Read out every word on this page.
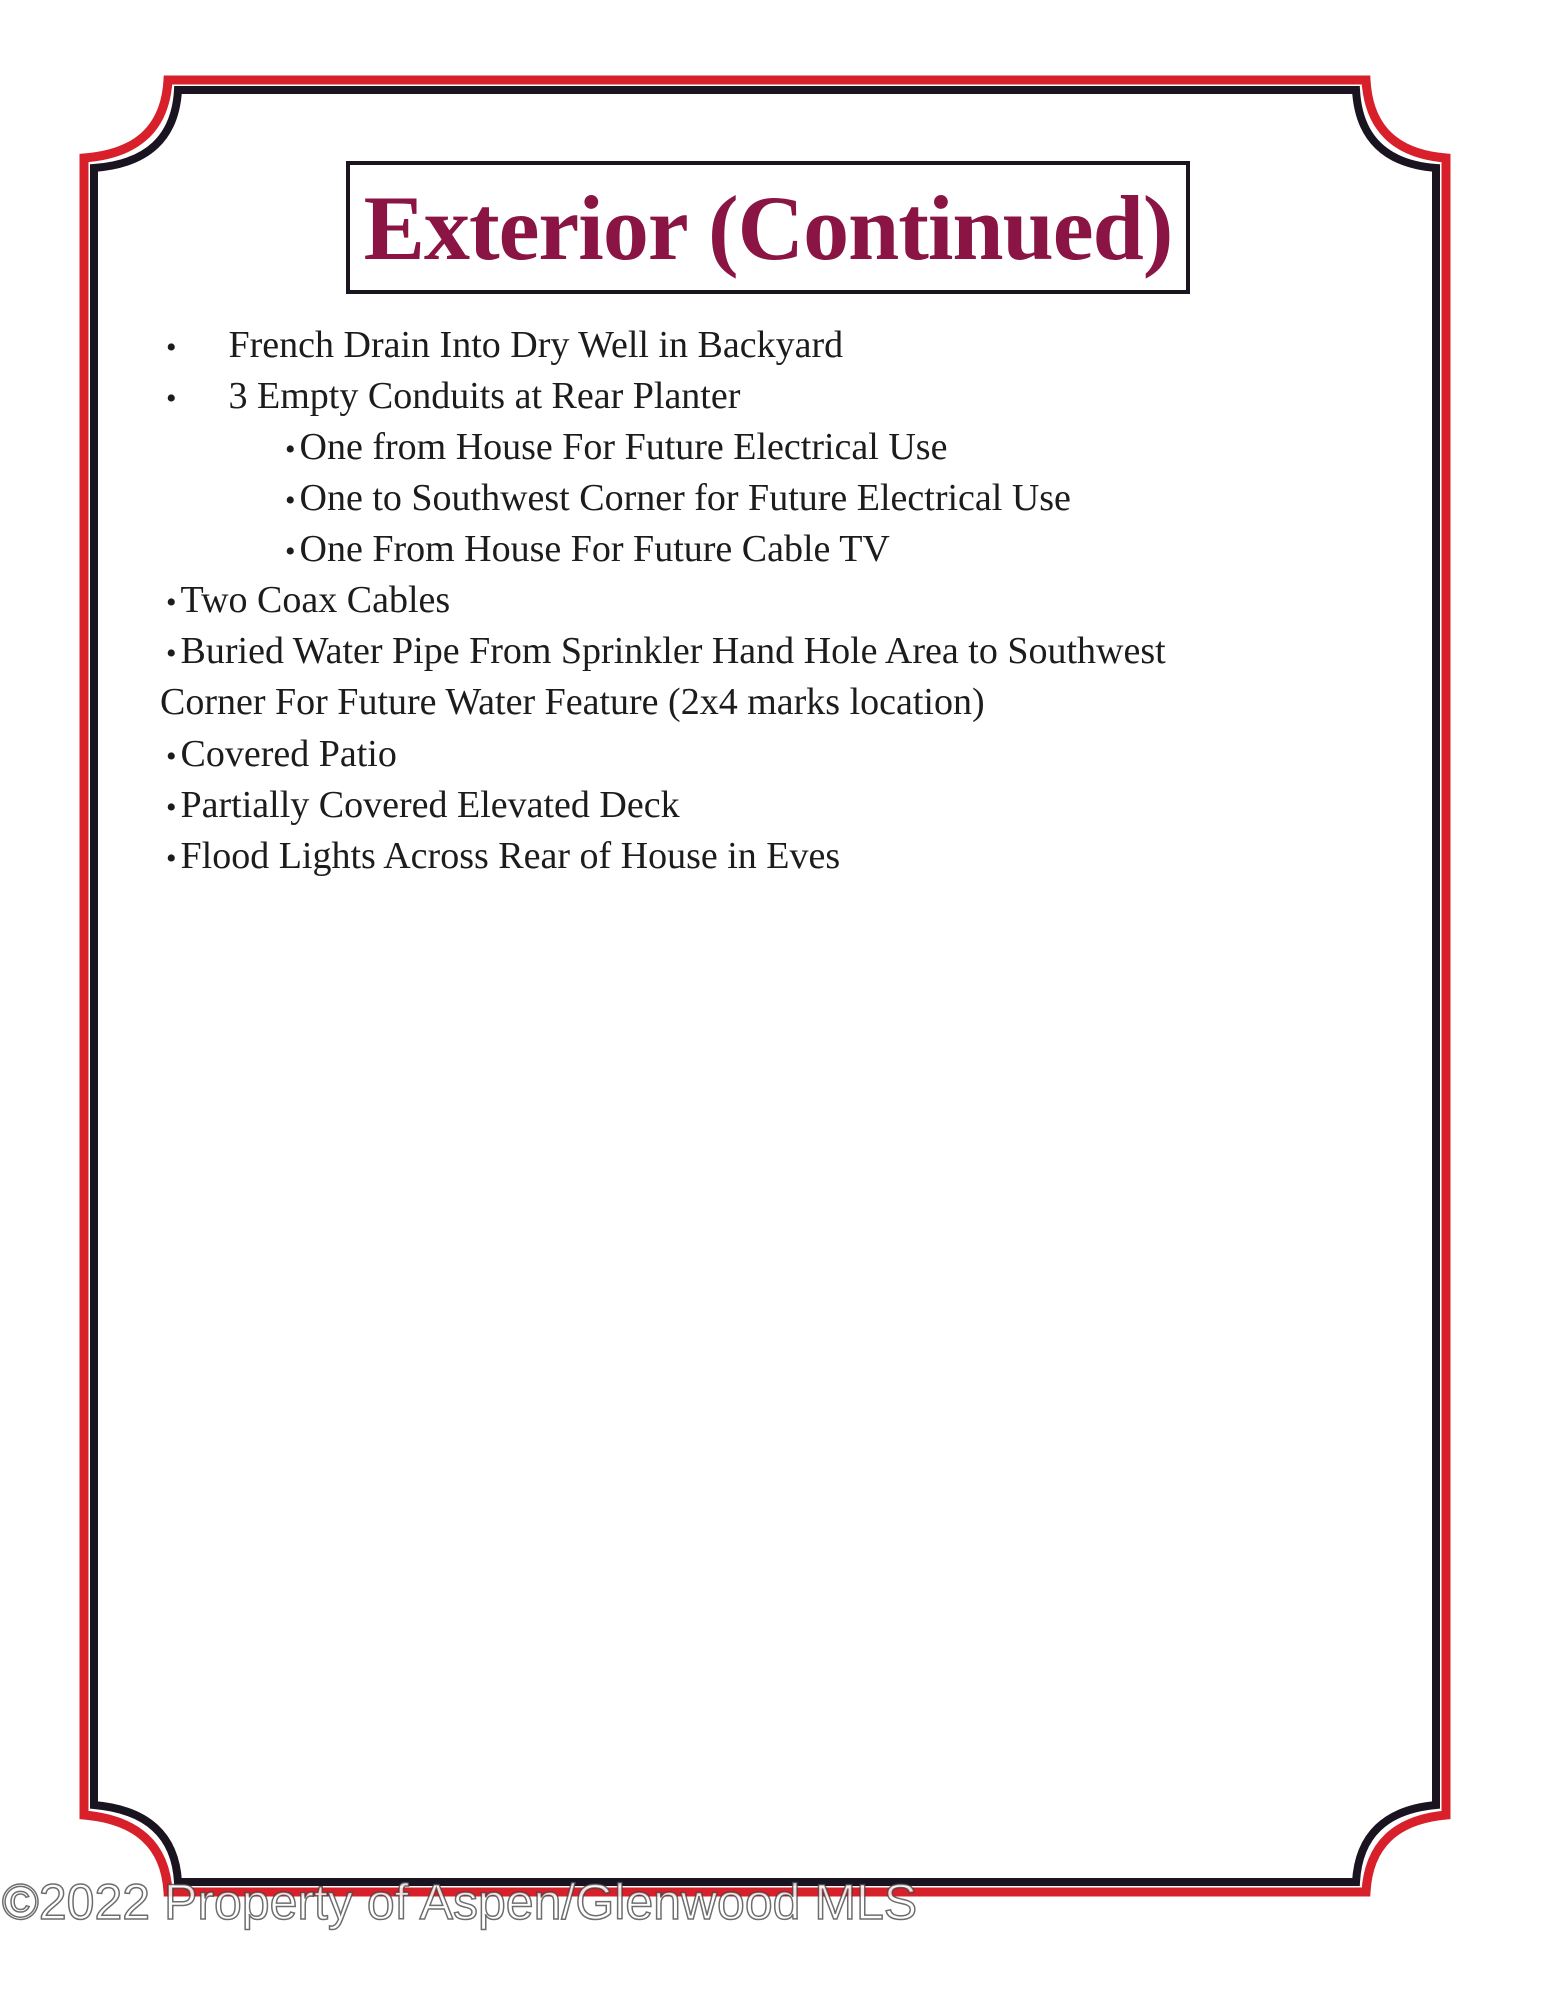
Exterior (Continued)
• French Drain Into Dry Well in Backyard
• 3 Empty Conduits at Rear Planter
• One from House For Future Electrical Use
• One to Southwest Corner for Future Electrical Use
• One From House For Future Cable TV
• Two Coax Cables
• Buried Water Pipe From Sprinkler Hand Hole Area to Southwest
Corner For Future Water Feature (2x4 marks location)
• Covered Patio
• Partially Covered Elevated Deck
• Flood Lights Across Rear of House in Eves
©2022 Property of Aspen/Glenwood MLS
